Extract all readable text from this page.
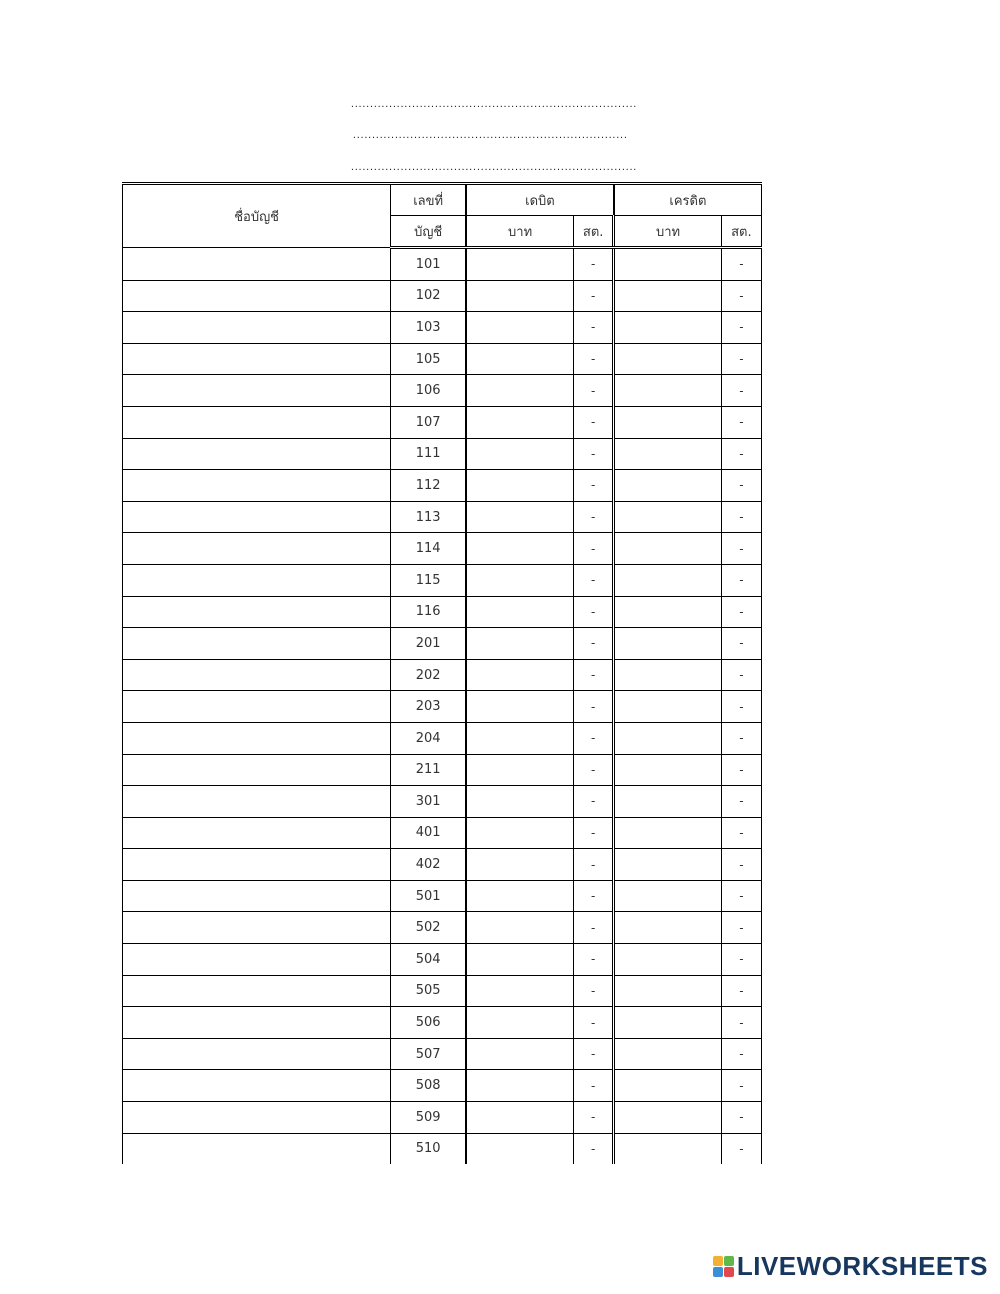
...........................................................................
........................................................................
...........................................................................
ชื่อบัญชี	เลขที่	เดบิต		เครดิต	
	บัญชี	บาท	สต.	บาท	สต.
	101		-		-
	102		-		-
	103		-		-
	105		-		-
	106		-		-
	107		-		-
	111		-		-
	112		-		-
	113		-		-
	114		-		-
	115		-		-
	116		-		-
	201		-		-
	202		-		-
	203		-		-
	204		-		-
	211		-		-
	301		-		-
	401		-		-
	402		-		-
	501		-		-
	502		-		-
	504		-		-
	505		-		-
	506		-		-
	507		-		-
	508		-		-
	509		-		-
	510		-		-
LIVEWORKSHEETS
